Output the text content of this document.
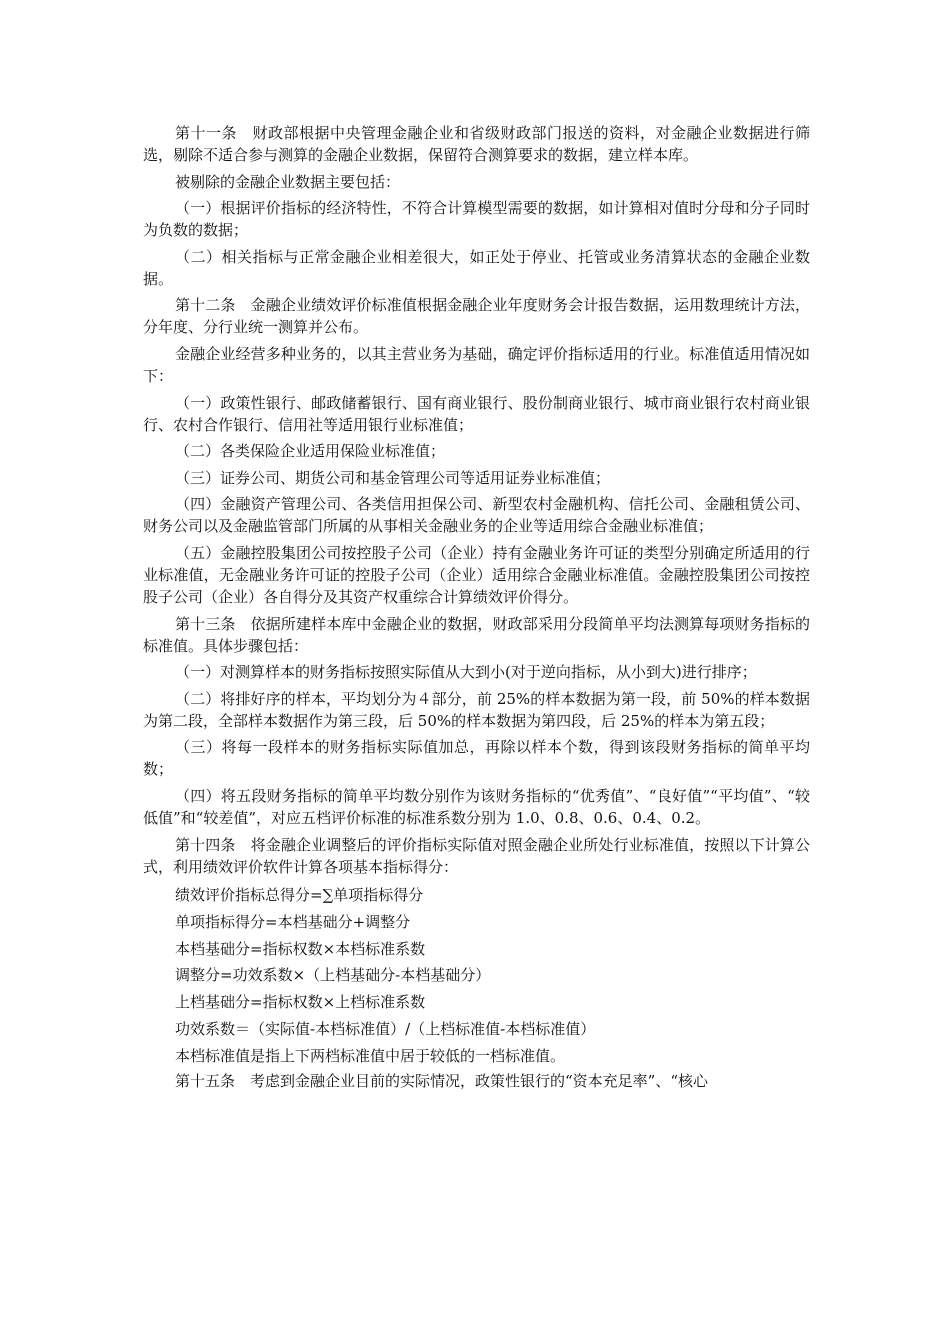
第十一条　财政部根据中央管理金融企业和省级财政部门报送的资料，对金融企业数据进行筛选，剔除不适合参与测算的金融企业数据，保留符合测算要求的数据，建立样本库。

被剔除的金融企业数据主要包括：

（一）根据评价指标的经济特性，不符合计算模型需要的数据，如计算相对值时分母和分子同时为负数的数据；

（二）相关指标与正常金融企业相差很大，如正处于停业、托管或业务清算状态的金融企业数据。

第十二条　金融企业绩效评价标准值根据金融企业年度财务会计报告数据，运用数理统计方法，分年度、分行业统一测算并公布。

金融企业经营多种业务的，以其主营业务为基础，确定评价指标适用的行业。标准值适用情况如下：

（一）政策性银行、邮政储蓄银行、国有商业银行、股份制商业银行、城市商业银行农村商业银行、农村合作银行、信用社等适用银行业标准值；

（二）各类保险企业适用保险业标准值；

（三）证券公司、期货公司和基金管理公司等适用证券业标准值；

（四）金融资产管理公司、各类信用担保公司、新型农村金融机构、信托公司、金融租赁公司、财务公司以及金融监管部门所属的从事相关金融业务的企业等适用综合金融业标准值；

（五）金融控股集团公司按控股子公司（企业）持有金融业务许可证的类型分别确定所适用的行业标准值，无金融业务许可证的控股子公司（企业）适用综合金融业标准值。金融控股集团公司按控股子公司（企业）各自得分及其资产权重综合计算绩效评价得分。

第十三条　依据所建样本库中金融企业的数据，财政部采用分段简单平均法测算每项财务指标的标准值。具体步骤包括：

（一）对测算样本的财务指标按照实际值从大到小(对于逆向指标，从小到大)进行排序；

（二）将排好序的样本，平均划分为４部分，前 25%的样本数据为第一段，前 50%的样本数据为第二段，全部样本数据作为第三段，后 50%的样本数据为第四段，后 25%的样本为第五段；

（三）将每一段样本的财务指标实际值加总，再除以样本个数，得到该段财务指标的简单平均数；

（四）将五段财务指标的简单平均数分别作为该财务指标的“优秀值”、“良好值”“平均值”、“较低值”和“较差值”，对应五档评价标准的标准系数分别为 1.0、0.8、0.6、0.4、0.2。

第十四条　将金融企业调整后的评价指标实际值对照金融企业所处行业标准值，按照以下计算公式，利用绩效评价软件计算各项基本指标得分：

绩效评价指标总得分=∑单项指标得分

单项指标得分=本档基础分+调整分

本档基础分=指标权数×本档标准系数

调整分=功效系数×（上档基础分-本档基础分）

上档基础分=指标权数×上档标准系数

功效系数＝（实际值-本档标准值）/（上档标准值-本档标准值）

本档标准值是指上下两档标准值中居于较低的一档标准值。

第十五条　考虑到金融企业目前的实际情况，政策性银行的“资本充足率”、“核心
